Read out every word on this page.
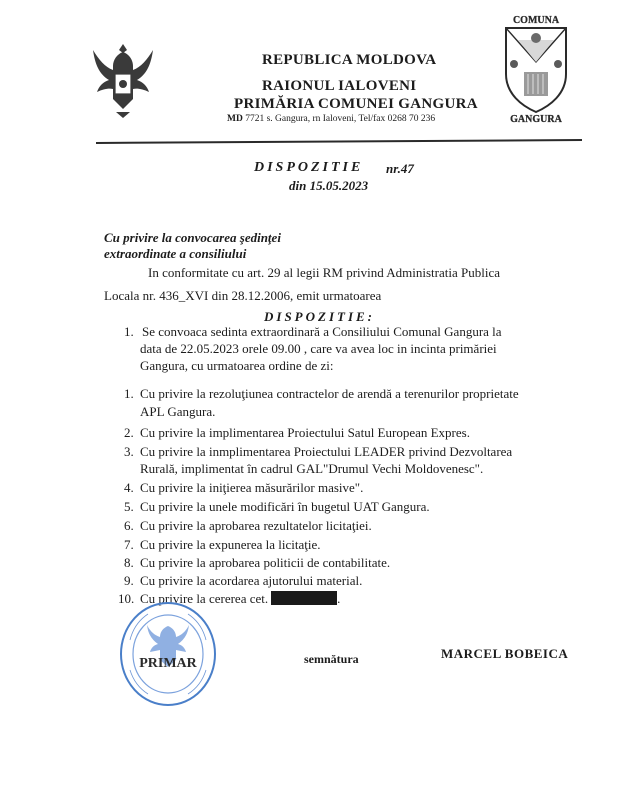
COMUNA
GANGURA
REPUBLICA MOLDOVA
RAIONUL IALOVENI
PRIMĂRIA COMUNEI GANGURA
MD 7721 s. Gangura, rn Ialoveni, Tel/fax 0268 70 236
DISPOZITIE nr.47
din 15.05.2023
Cu privire la convocarea şedinţei
extraordinate a consiliului
In conformitate cu art. 29 al legii RM privind Administratia Publica
Locala nr. 436_XVI din 28.12.2006, emit urmatoarea
DISPOZITIE:
1. Se convoaca sedinta extraordinară a Consiliului Comunal Gangura la
data de 22.05.2023 orele 09.00 , care va avea loc in incinta primăriei
Gangura, cu urmatoarea ordine de zi:
1. Cu privire la rezoluţiunea contractelor de arendă a terenurilor proprietate
APL Gangura.
2. Cu privire la implimentarea Proiectului Satul European Expres.
3. Cu privire la inmplimentarea Proiectului LEADER privind Dezvoltarea
Rurală, implimentat în cadrul GAL"Drumul Vechi Moldovenesc".
4. Cu privire la iniţierea măsurărilor masive".
5. Cu privire la unele modificări în bugetul UAT Gangura.
6. Cu privire la aprobarea rezultatelor licitaţiei.
7. Cu privire la expunerea la licitaţie.
8. Cu privire la aprobarea politicii de contabilitate.
9. Cu privire la acordarea ajutorului material.
10. Cu privire la cererea cet.	.
PRIMAR	semnătura	MARCEL BOBEICA
